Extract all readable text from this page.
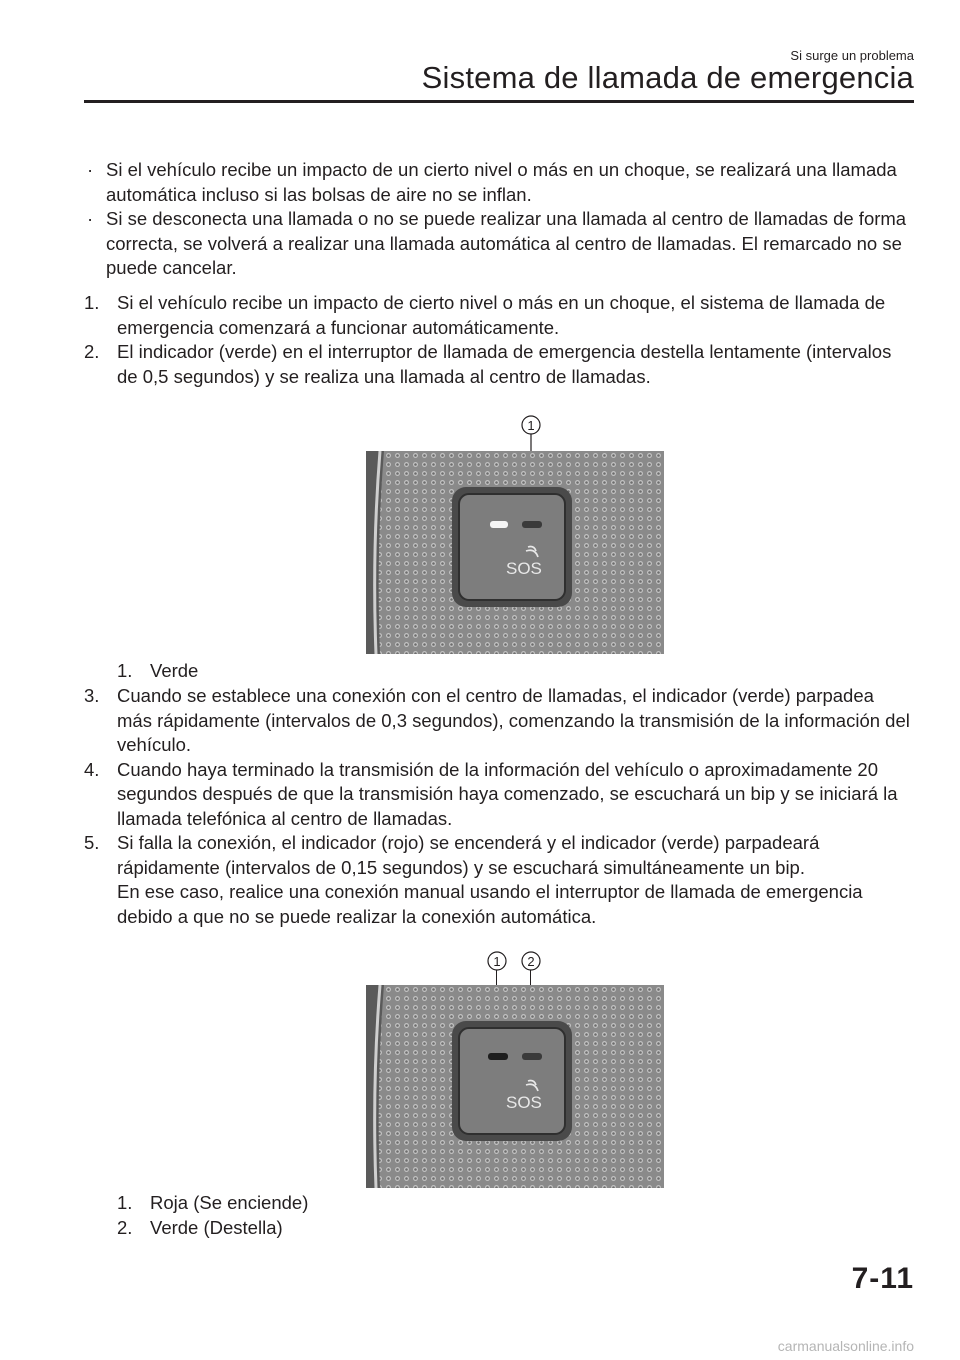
Si surge un problema
Sistema de llamada de emergencia
· Si el vehículo recibe un impacto de un cierto nivel o más en un choque, se realizará una llamada automática incluso si las bolsas de aire no se inflan.
· Si se desconecta una llamada o no se puede realizar una llamada al centro de llamadas de forma correcta, se volverá a realizar una llamada automática al centro de llamadas. El remarcado no se puede cancelar.
1. Si el vehículo recibe un impacto de cierto nivel o más en un choque, el sistema de llamada de emergencia comenzará a funcionar automáticamente.
2. El indicador (verde) en el interruptor de llamada de emergencia destella lentamente (intervalos de 0,5 segundos) y se realiza una llamada al centro de llamadas.
1
SOS
1. Verde
3. Cuando se establece una conexión con el centro de llamadas, el indicador (verde) parpadea más rápidamente (intervalos de 0,3 segundos), comenzando la transmisión de la información del vehículo.
4. Cuando haya terminado la transmisión de la información del vehículo o aproximadamente 20 segundos después de que la transmisión haya comenzado, se escuchará un bip y se iniciará la llamada telefónica al centro de llamadas.
5. Si falla la conexión, el indicador (rojo) se encenderá y el indicador (verde) parpadeará rápidamente (intervalos de 0,15 segundos) y se escuchará simultáneamente un bip.
En ese caso, realice una conexión manual usando el interruptor de llamada de emergencia debido a que no se puede realizar la conexión automática.
1 2
SOS
1. Roja (Se enciende)
2. Verde (Destella)
7-11
carmanualsonline.info
